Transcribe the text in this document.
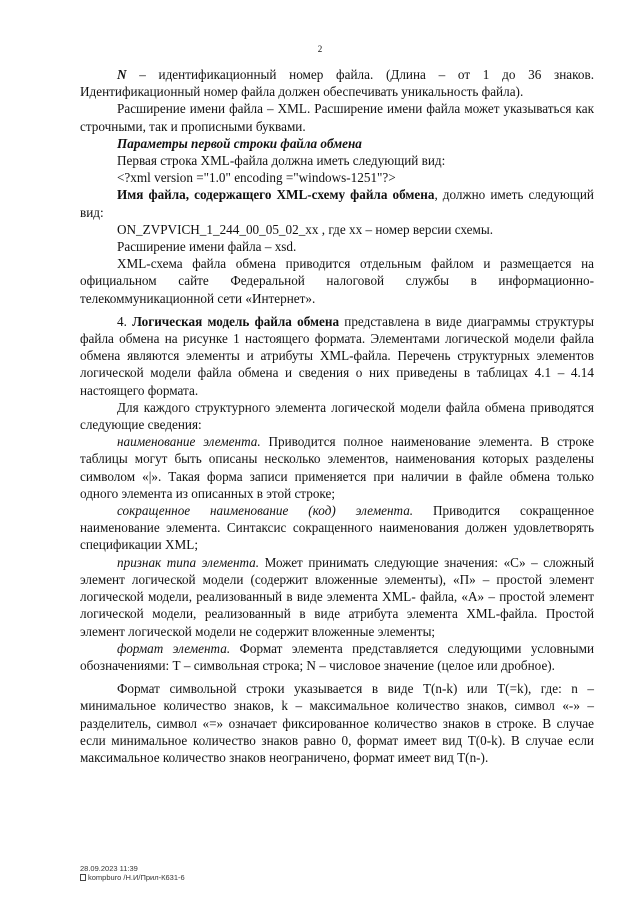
2

N – идентификационный номер файла. (Длина – от 1 до 36 знаков. Идентификационный номер файла должен обеспечивать уникальность файла).

Расширение имени файла – XML. Расширение имени файла может указываться как строчными, так и прописными буквами.

Параметры первой строки файла обмена

Первая строка XML-файла должна иметь следующий вид:

<?xml version ="1.0" encoding ="windows-1251"?>

Имя файла, содержащего XML-схему файла обмена, должно иметь следующий вид:

ON_ZVPVICH_1_244_00_05_02_xx , где хх – номер версии схемы.

Расширение имени файла – xsd.

XML-схема файла обмена приводится отдельным файлом и размещается на официальном сайте Федеральной налоговой службы в информационно-телекоммуникационной сети «Интернет».

4. Логическая модель файла обмена представлена в виде диаграммы структуры файла обмена на рисунке 1 настоящего формата. Элементами логической модели файла обмена являются элементы и атрибуты XML-файла. Перечень структурных элементов логической модели файла обмена и сведения о них приведены в таблицах 4.1 – 4.14 настоящего формата.

Для каждого структурного элемента логической модели файла обмена приводятся следующие сведения:

наименование элемента. Приводится полное наименование элемента. В строке таблицы могут быть описаны несколько элементов, наименования которых разделены символом «|». Такая форма записи применяется при наличии в файле обмена только одного элемента из описанных в этой строке;

сокращенное наименование (код) элемента. Приводится сокращенное наименование элемента. Синтаксис сокращенного наименования должен удовлетворять спецификации XML;

признак типа элемента. Может принимать следующие значения: «С» – сложный элемент логической модели (содержит вложенные элементы), «П» – простой элемент логической модели, реализованный в виде элемента XML- файла, «А» – простой элемент логической модели, реализованный в виде атрибута элемента XML-файла. Простой элемент логической модели не содержит вложенные элементы;

формат элемента. Формат элемента представляется следующими условными обозначениями: Т – символьная строка; N – числовое значение (целое или дробное).

Формат символьной строки указывается в виде Т(n-k) или Т(=k), где: n – минимальное количество знаков, k – максимальное количество знаков, символ «-» – разделитель, символ «=» означает фиксированное количество знаков в строке. В случае если минимальное количество знаков равно 0, формат имеет вид Т(0-k). В случае если максимальное количество знаков неограничено, формат имеет вид Т(n-).

28.09.2023 11:39
kompburo /Н.И/Прил-К631-6
